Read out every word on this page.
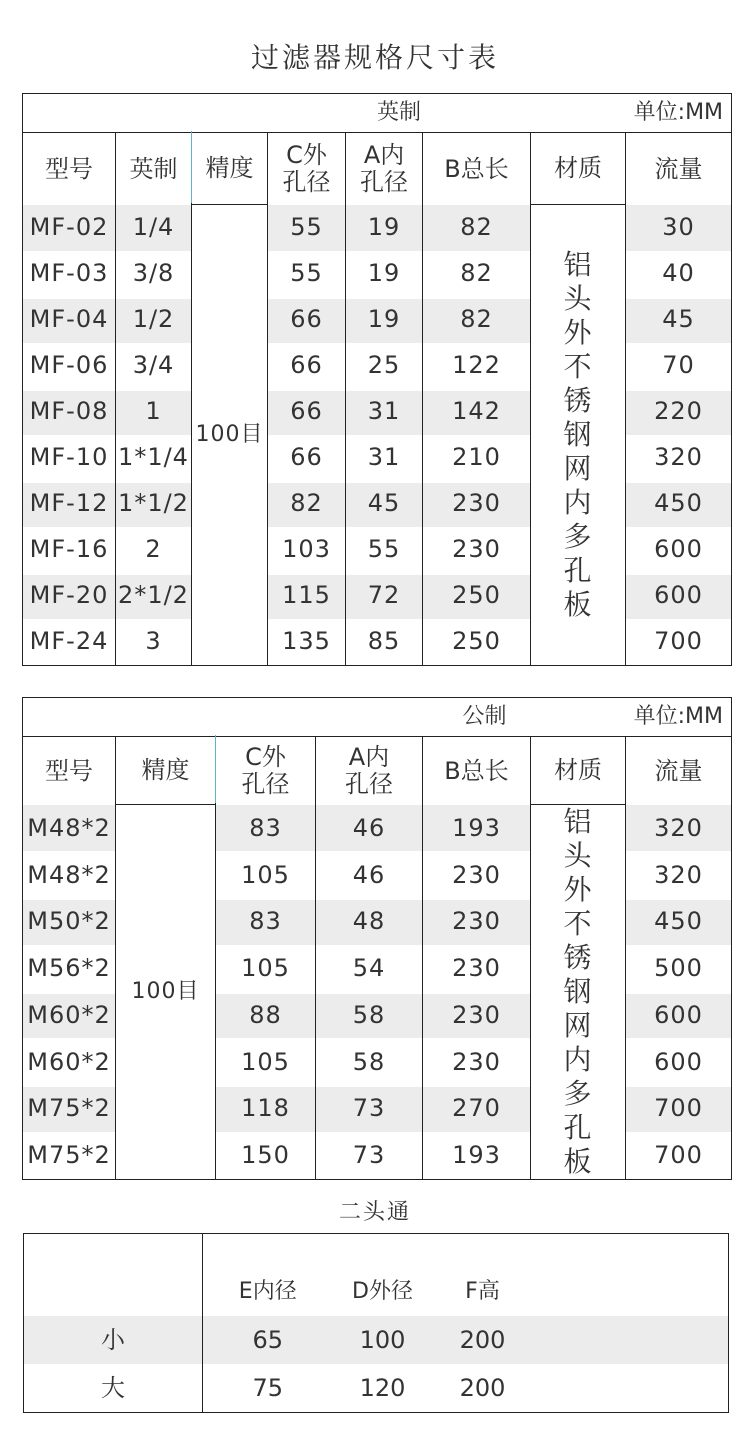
过滤器规格尺寸表
			英制			单位:MM	
型号	英制	精度	C外孔径	A内孔径	B总长	材质	流量
MF-02	1/4	100目	55	19	82	铝头外不锈钢网内多孔板	30
MF-03	3/8		55	19	82		40
MF-04	1/2		66	19	82		45
MF-06	3/4		66	25	122		70
MF-08	1		66	31	142		220
MF-10	1*1/4		66	31	210		320
MF-12	1*1/2		82	45	230		450
MF-16	2		103	55	230		600
MF-20	2*1/2		115	72	250		600
MF-24	3		135	85	250		700
		公制			单位:MM	
型号	精度	C外孔径	A内孔径	B总长	材质	流量
M48*2	100目	83	46	193	铝头外不锈钢网内多孔板	320
M48*2		105	46	230		320
M50*2		83	48	230		450
M56*2		105	54	230		500
M60*2		88	58	230		600
M60*2		105	58	230		600
M75*2		118	73	270		700
M75*2		150	73	193		700
二头通
	E内径	D外径	F高	
小	65	100	200	
大	75	120	200	
